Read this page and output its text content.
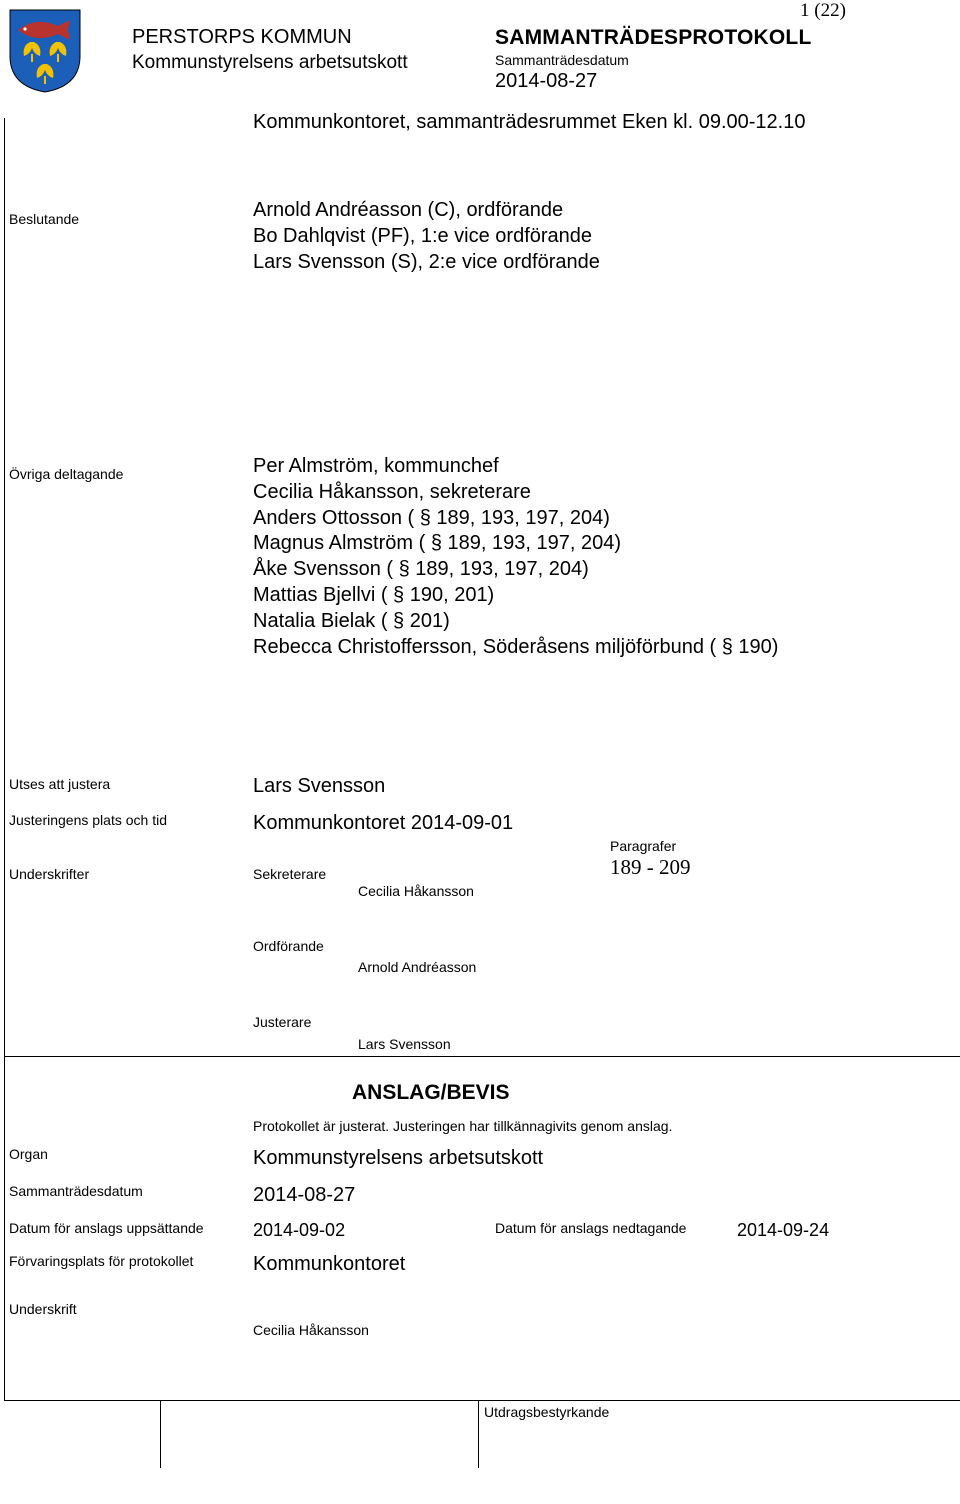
PERSTORPS KOMMUN
Kommunstyrelsens arbetsutskott
SAMMANTRÄDESPROTOKOLL
Sammanträdesdatum
2014-08-27
1 (22)
Kommunkontoret, sammanträdesrummet Eken kl. 09.00-12.10
Beslutande	Arnold Andréasson (C), ordförande
Bo Dahlqvist (PF), 1:e vice ordförande
Lars Svensson (S), 2:e vice ordförande
Övriga deltagande	Per Almström, kommunchef
Cecilia Håkansson, sekreterare
Anders Ottosson ( § 189, 193, 197, 204)
Magnus Almström ( § 189, 193, 197, 204)
Åke Svensson ( § 189, 193, 197, 204)
Mattias Bjellvi ( § 190, 201)
Natalia Bielak ( § 201)
Rebecca Christoffersson, Söderåsens miljöförbund ( § 190)
Utses att justera	Lars Svensson
Justeringens plats och tid	Kommunkontoret 2014-09-01
Underskrifter	Sekreterare
Cecilia Håkansson
Paragrafer
189 - 209
Ordförande
Arnold Andréasson
Justerare
Lars Svensson
ANSLAG/BEVIS
Protokollet är justerat. Justeringen har tillkännagivits genom anslag.
Organ	Kommunstyrelsens arbetsutskott
Sammanträdesdatum	2014-08-27
Datum för anslags uppsättande	2014-09-02	Datum för anslags nedtagande	2014-09-24
Förvaringsplats för protokollet	Kommunkontoret
Underskrift
Cecilia Håkansson
Utdragsbestyrkande
